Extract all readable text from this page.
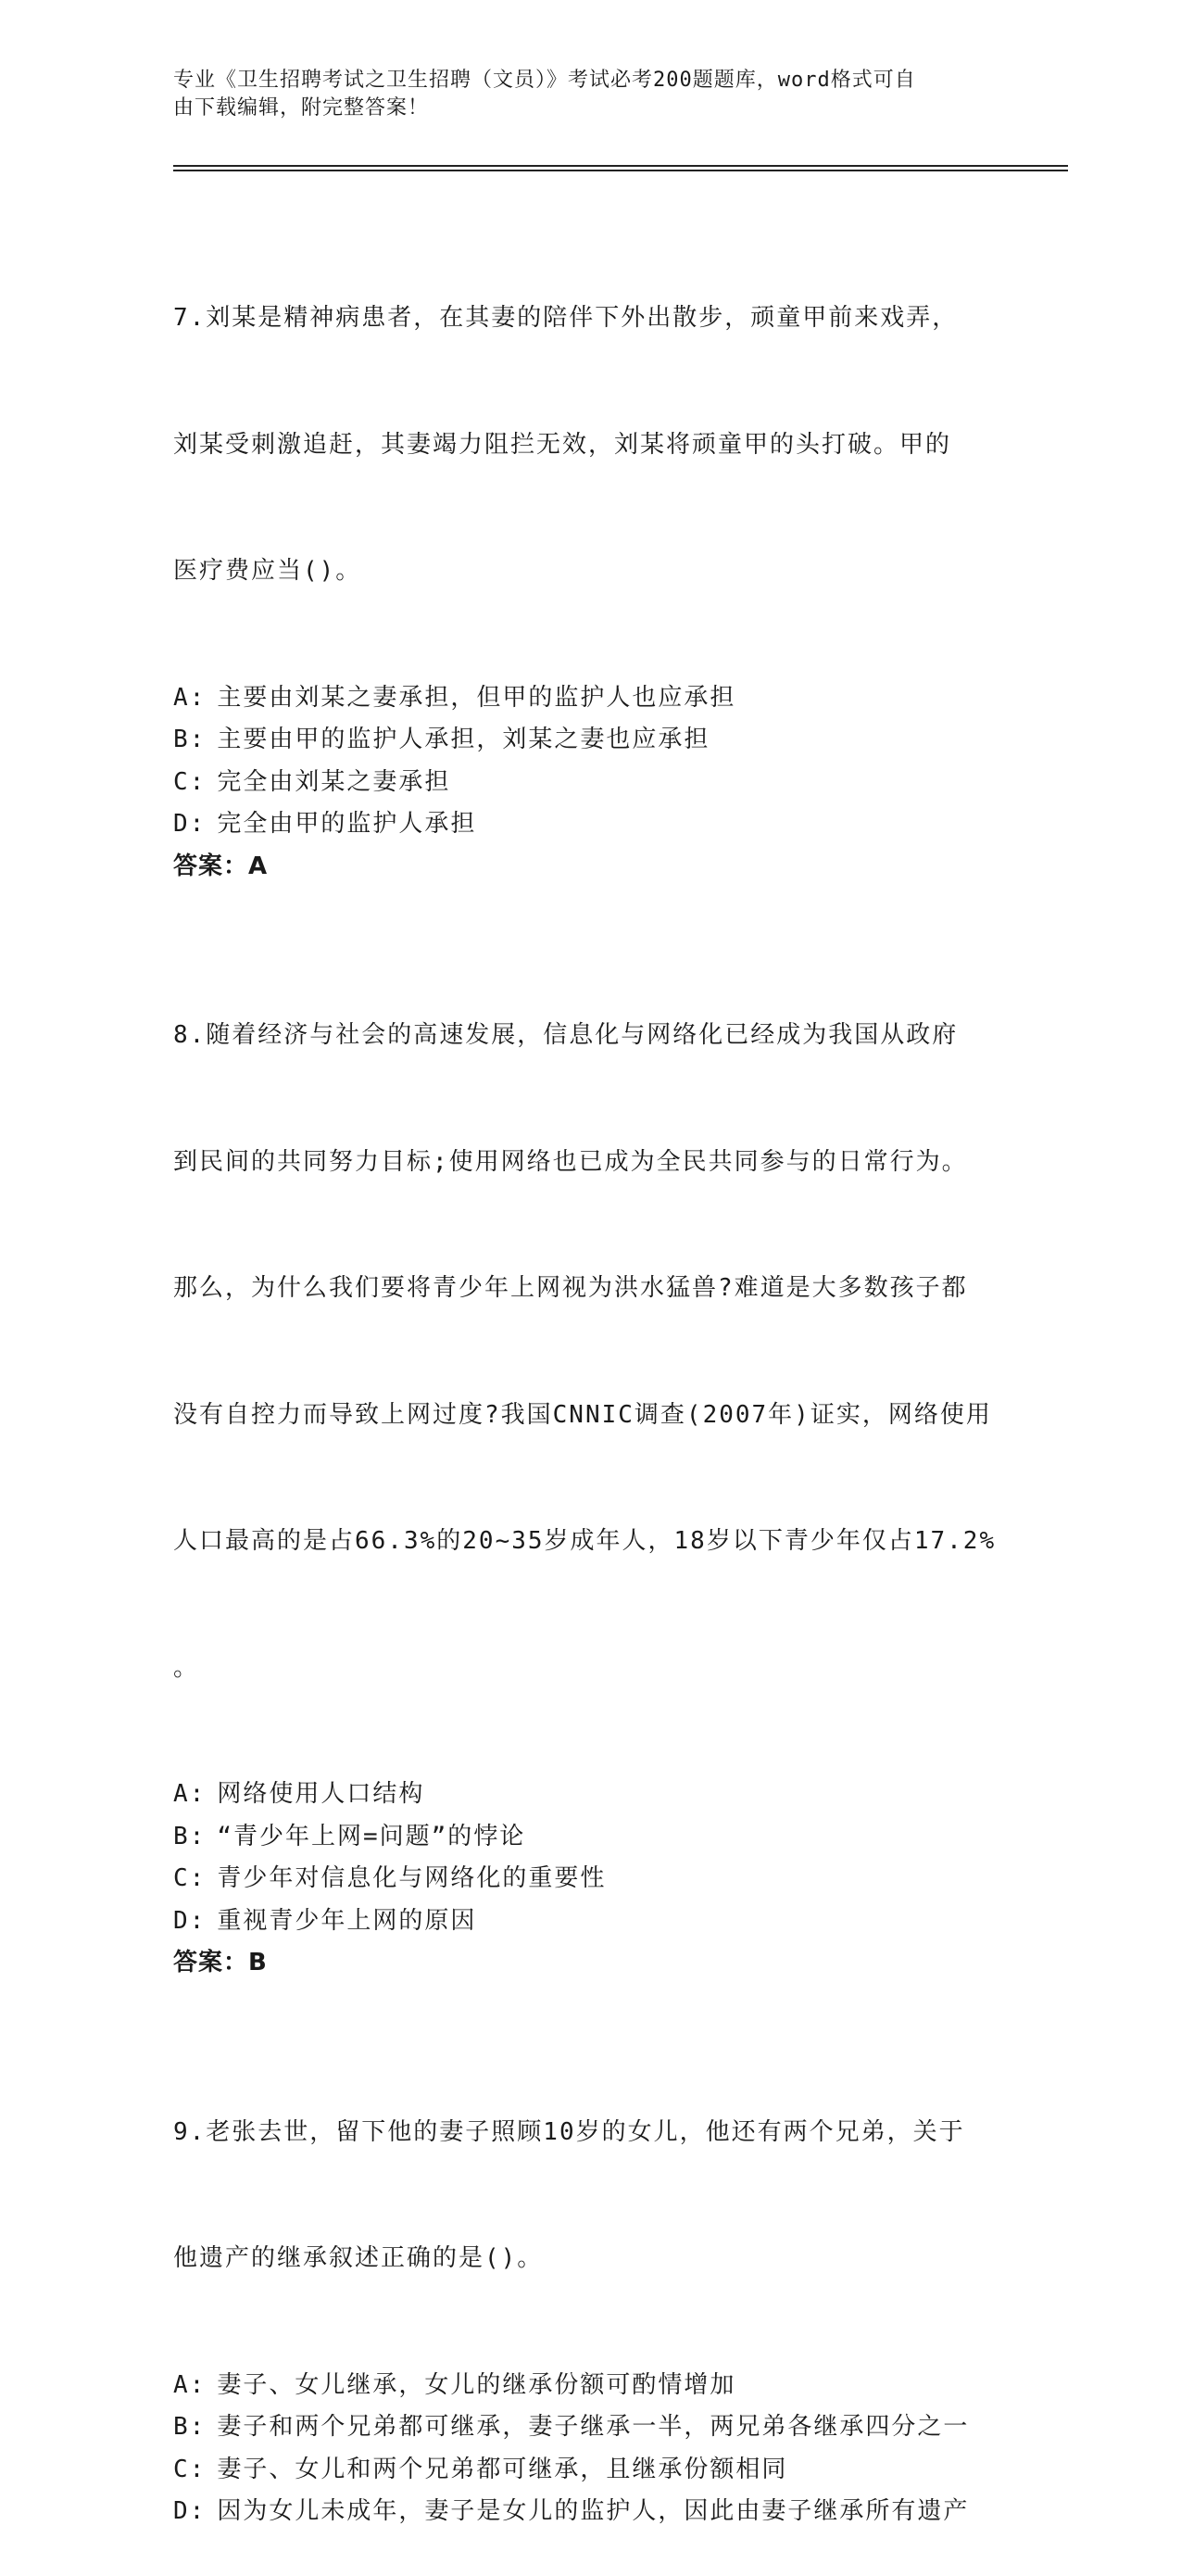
专业《卫生招聘考试之卫生招聘（文员）》考试必考200题题库，word格式可自
由下载编辑，附完整答案！

7.刘某是精神病患者，在其妻的陪伴下外出散步，顽童甲前来戏弄，

刘某受刺激追赶，其妻竭力阻拦无效，刘某将顽童甲的头打破。甲的

医疗费应当()。

A: 主要由刘某之妻承担，但甲的监护人也应承担
B: 主要由甲的监护人承担，刘某之妻也应承担
C: 完全由刘某之妻承担
D: 完全由甲的监护人承担
答案：A

8.随着经济与社会的高速发展，信息化与网络化已经成为我国从政府

到民间的共同努力目标;使用网络也已成为全民共同参与的日常行为。

那么，为什么我们要将青少年上网视为洪水猛兽?难道是大多数孩子都

没有自控力而导致上网过度?我国CNNIC调查(2007年)证实，网络使用

人口最高的是占66.3%的20~35岁成年人，18岁以下青少年仅占17.2%

。

A: 网络使用人口结构
B: “青少年上网=问题”的悖论
C: 青少年对信息化与网络化的重要性
D: 重视青少年上网的原因
答案：B

9.老张去世，留下他的妻子照顾10岁的女儿，他还有两个兄弟，关于

他遗产的继承叙述正确的是()。

A: 妻子、女儿继承，女儿的继承份额可酌情增加
B: 妻子和两个兄弟都可继承，妻子继承一半，两兄弟各继承四分之一
C: 妻子、女儿和两个兄弟都可继承，且继承份额相同
D: 因为女儿未成年，妻子是女儿的监护人，因此由妻子继承所有遗产
